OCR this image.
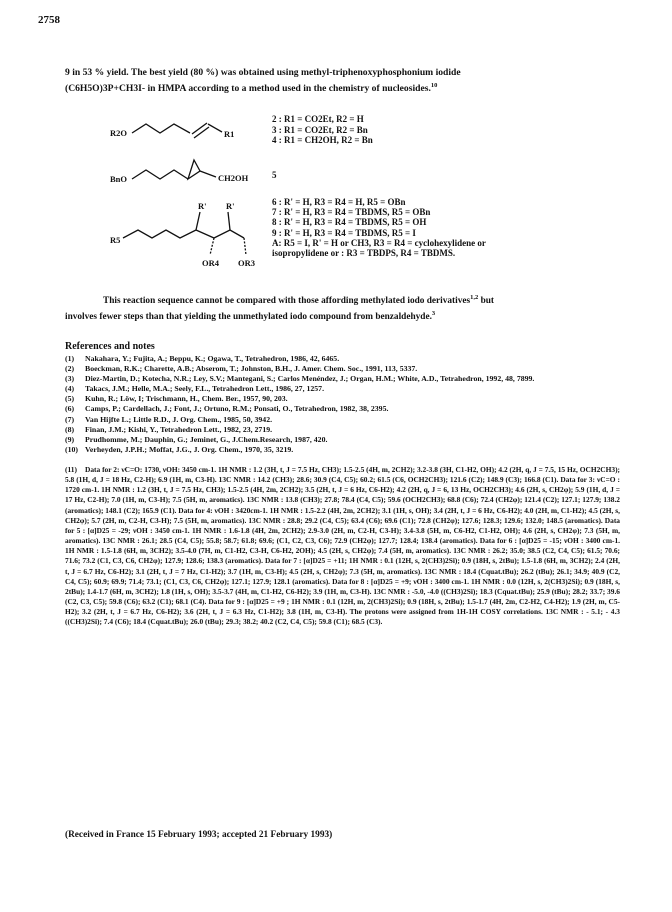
2758

9 in 53 % yield. The best yield (80 %) was obtained using methyl-triphenoxyphosphonium iodide

(C6H5O)3P+CH3I- in HMPA according to a method used in the chemistry of nucleosides.$^{10}$

R2O	R1
BnO	CH2OH
R' R'
R5
OR4 OR3
2 : R1 = CO2Et, R2 = H
3 : R1 = CO2Et, R2 = Bn
4 : R1 = CH2OH, R2 = Bn
5
6 : R' = H, R3 = R4 = H, R5 = OBn
7 : R' = H, R3 = R4 = TBDMS, R5 = OBn
8 : R' = H, R3 = R4 = TBDMS, R5 = OH
9 : R' = H, R3 = R4 = TBDMS, R5 = I
A: R5 = I, R' = H or CH3, R3 = R4 = cyclohexylidene or
isopropylidene or : R3 = TBDPS, R4 = TBDMS.

This reaction sequence cannot be compared with those affording methylated iodo derivatives$^{1,2}$ but

involves fewer steps than that yielding the unmethylated iodo compound from benzaldehyde.$^3$

References and notes
(1)	Nakahara, Y.; Fujita, A.; Beppu, K.; Ogawa, T., Tetrahedron, 1986, 42, 6465.
(2)	Boeckman, R.K.; Charette, A.B.; Abserom, T.; Johnston, B.H., J. Amer. Chem. Soc., 1991, 113, 5337.
(3)	Diez-Martin, D.; Kotecha, N.R.; Ley, S.V.; Mantegani, S.; Carlos Menéndez, J.; Organ, H.M.; White, A.D., Tetrahedron, 1992, 48, 7899.
(4)	Takacs, J.M.; Helle, M.A.; Seely, F.L., Tetrahedron Lett., 1986, 27, 1257.
(5)	Kuhn, R.; Löw, I; Trischmann, H., Chem. Ber., 1957, 90, 203.
(6)	Camps, P.; Cardellach, J.; Font, J.; Ortuno, R.M.; Ponsati, O., Tetrahedron, 1982, 38, 2395.
(7)	Van Hijfte L.; Little R.D., J. Org. Chem., 1985, 50, 3942.
(8)	Finan, J.M.; Kishi, Y., Tetrahedron Lett., 1982, 23, 2719.
(9)	Prudhomme, M.; Dauphin, G.; Jeminet, G., J.Chem.Research, 1987, 420.
(10) Verheyden, J.P.H.; Moffat, J.G., J. Org. Chem., 1970, 35, 3219.
(11) Data for 2: νC=O: 1730, νOH: 3450 cm-1. 1H NMR : 1.2 (3H, t, J = 7.5 Hz, CH3); 1.5-2.5 (4H, m, 2CH2); 3.2-3.8 (3H, C1-H2, OH); 4.2 (2H, q, J = 7.5, 15 Hz, OCH2CH3); 5.8 (1H, d, J = 18 Hz, C2-H); 6.9 (1H, m, C3-H). 13C NMR : 14.2 (CH3); 28.6; 30.9 (C4, C5); 60.2; 61.5 (C6, OCH2CH3); 121.6 (C2); 148.9 (C3); 166.8 (C1). Data for 3: νC=O : 1720 cm-1. 1H NMR : 1.2 (3H, t, J = 7.5 Hz, CH3); 1.5-2.5 (4H, 2m, 2CH2); 3.5 (2H, t, J = 6 Hz, C6-H2); 4.2 (2H, q, J = 6, 13 Hz, OCH2CH3); 4.6 (2H, s, CH2φ); 5.9 (1H, d, J = 17 Hz, C2-H); 7.0 (1H, m, C3-H); 7.5 (5H, m, aromatics). 13C NMR : 13.8 (CH3); 27.8; 78.4 (C4, C5); 59.6 (OCH2CH3); 68.8 (C6); 72.4 (CH2φ); 121.4 (C2); 127.1; 127.9; 138.2 (aromatics); 148.1 (C2); 165.9 (C1). Data for 4: νOH : 3420cm-1. 1H NMR : 1.5-2.2 (4H, 2m, 2CH2); 3.1 (1H, s, OH); 3.4 (2H, t, J = 6 Hz, C6-H2); 4.0 (2H, m, C1-H2); 4.5 (2H, s, CH2φ); 5.7 (2H, m, C2-H, C3-H); 7.5 (5H, m, aromatics). 13C NMR : 28.8; 29.2 (C4, C5); 63.4 (C6); 69.6 (C1); 72.8 (CH2φ); 127.6; 128.3; 129.6; 132.0; 148.5 (aromatics). Data for 5 : [α]D25 = -29; νOH : 3450 cm-1. 1H NMR : 1.6-1.8 (4H, 2m, 2CH2); 2.9-3.0 (2H, m, C2-H, C3-H); 3.4-3.8 (5H, m, C6-H2, C1-H2, OH); 4.6 (2H, s, CH2φ); 7.3 (5H, m, aromatics). 13C NMR : 26.1; 28.5 (C4, C5); 55.8; 58.7; 61.8; 69.6; (C1, C2, C3, C6); 72.9 (CH2φ); 127.7; 128.4; 138.4 (aromatics). Data for 6 : [α]D25 = -15; νOH : 3400 cm-1. 1H NMR : 1.5-1.8 (6H, m, 3CH2); 3.5-4.0 (7H, m, C1-H2, C3-H, C6-H2, 2OH); 4.5 (2H, s, CH2φ); 7.4 (5H, m, aromatics). 13C NMR : 26.2; 35.0; 38.5 (C2, C4, C5); 61.5; 70.6; 71.6; 73.2 (C1, C3, C6, CH2φ); 127.9; 128.6; 138.3 (aromatics). Data for 7 : [α]D25 = +11; 1H NMR : 0.1 (12H, s, 2(CH3)2Si); 0.9 (18H, s, 2tBu); 1.5-1.8 (6H, m, 3CH2); 2.4 (2H, t, J = 6.7 Hz, C6-H2); 3.1 (2H, t, J = 7 Hz, C1-H2); 3.7 (1H, m, C3-H); 4.5 (2H, s, CH2φ); 7.3 (5H, m, aromatics). 13C NMR : 18.4 (Cquat.tBu); 26.2 (tBu); 26.1; 34.9; 40.9 (C2, C4, C5); 60.9; 69.9; 71.4; 73.1; (C1, C3, C6, CH2φ); 127.1; 127.9; 128.1 (aromatics). Data for 8 : [α]D25 = +9; νOH : 3400 cm-1. 1H NMR : 0.0 (12H, s, 2(CH3)2Si); 0.9 (18H, s, 2tBu); 1.4-1.7 (6H, m, 3CH2); 1.8 (1H, s, OH); 3.5-3.7 (4H, m, C1-H2, C6-H2); 3.9 (1H, m, C3-H). 13C NMR : -5.0, -4.0 ((CH3)2Si); 18.3 (Cquat.tBu); 25.9 (tBu); 28.2; 33.7; 39.6 (C2, C3, C5); 59.8 (C6); 63.2 (C1); 68.1 (C4). Data for 9 : [α]D25 = +9 ; 1H NMR : 0.1 (12H, m, 2(CH3)2Si); 0.9 (18H, s, 2tBu); 1.5-1.7 (4H, 2m, C2-H2, C4-H2); 1.9 (2H, m, C5-H2); 3.2 (2H, t, J = 6.7 Hz, C6-H2); 3.6 (2H, t, J = 6.3 Hz, C1-H2); 3.8 (1H, m, C3-H). The protons were assigned from 1H-1H COSY correlations. 13C NMR : - 5.1; - 4.3 ((CH3)2Si); 7.4 (C6); 18.4 (Cquat.tBu); 26.0 (tBu); 29.3; 38.2; 40.2 (C2, C4, C5); 59.8 (C1); 68.5 (C3).
(Received in France 15 February 1993; accepted 21 February 1993)
